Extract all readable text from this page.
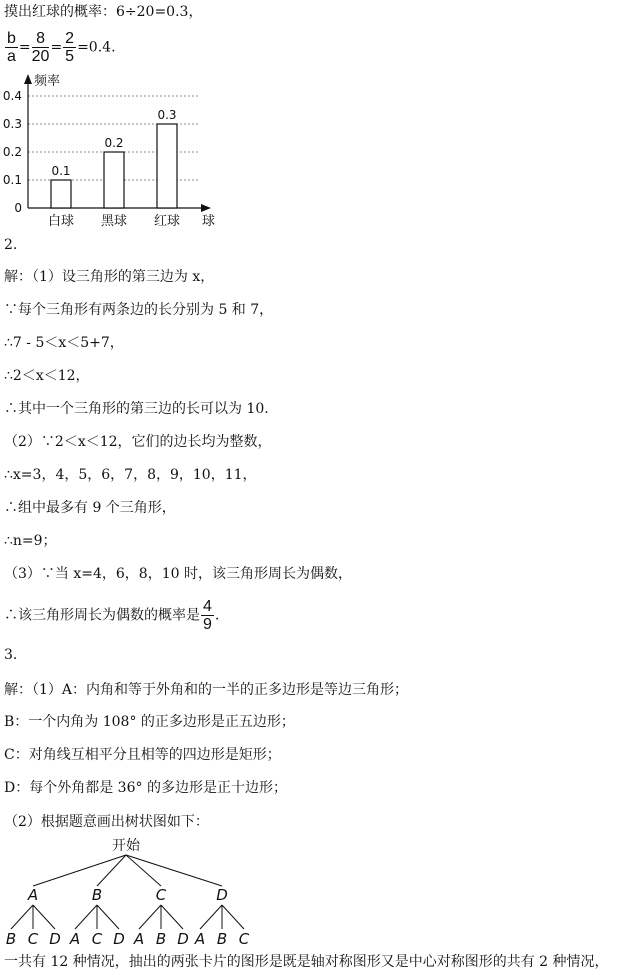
摸出红球的概率：6÷20=0.3，
$\frac{b}{a} = \frac{8}{20} = \frac{2}{5} =0.4$.
0
0.1
0.2
0.3
0.4
频率
球
0.1
白球
0.2
黑球
0.3
红球
2.
解：（1）设三角形的第三边为 x，
∵每个三角形有两条边的长分别为 5 和 7，
∴7 - 5＜x＜5+7，
∴2＜x＜12，
∴其中一个三角形的第三边的长可以为 10.
（2）∵2＜x＜12，它们的边长均为整数，
∴x=3，4，5，6，7，8，9，10，11，
∴组中最多有 9 个三角形，
∴n=9；
（3）∵当 x=4，6，8，10 时，该三角形周长为偶数，
∴该三角形周长为偶数的概率是 $\frac{4}{9}$ .
3.
解：（1）A：内角和等于外角和的一半的正多边形是等边三角形；
B：一个内角为 108° 的正多边形是正五边形；
C：对角线互相平分且相等的四边形是矩形；
D：每个外角都是 36° 的多边形是正十边形；
（2）根据题意画出树状图如下：
开始
A
B C D
B
A C D
C
A B D
D
A B C
一共有 12 种情况，抽出的两张卡片的图形是既是轴对称图形又是中心对称图形的共有 2 种情况，
